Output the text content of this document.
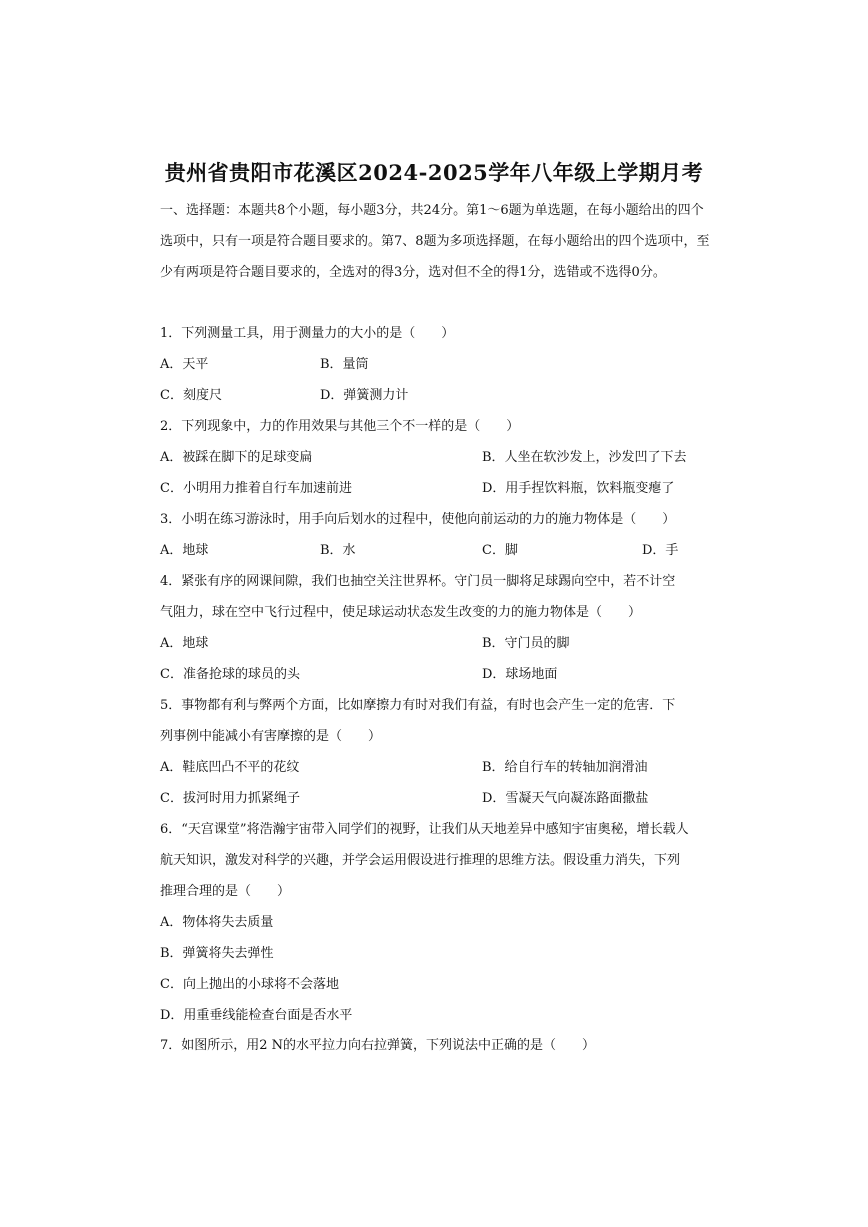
贵州省贵阳市花溪区2024-2025学年八年级上学期月考

一、选择题：本题共8个小题，每小题3分，共24分。第1～6题为单选题，在每小题给出的四个选项中，只有一项是符合题目要求的。第7、8题为多项选择题，在每小题给出的四个选项中，至少有两项是符合题目要求的，全选对的得3分，选对但不全的得1分，选错或不选得0分。

1．下列测量工具，用于测量力的大小的是（　　）
A．天平	B．量筒
C．刻度尺	D．弹簧测力计
2．下列现象中，力的作用效果与其他三个不一样的是（　　）
A．被踩在脚下的足球变扁	B．人坐在软沙发上，沙发凹了下去
C．小明用力推着自行车加速前进	D．用手捏饮料瓶，饮料瓶变瘪了
3．小明在练习游泳时，用手向后划水的过程中，使他向前运动的力的施力物体是（　　）
A．地球	B．水	C．脚	D．手
4．紧张有序的网课间隙，我们也抽空关注世界杯。守门员一脚将足球踢向空中，若不计空
气阻力，球在空中飞行过程中，使足球运动状态发生改变的力的施力物体是（　　）
A．地球	B．守门员的脚
C．准备抢球的球员的头	D．球场地面
5．事物都有利与弊两个方面，比如摩擦力有时对我们有益，有时也会产生一定的危害．下
列事例中能减小有害摩擦的是（　　）
A．鞋底凹凸不平的花纹	B．给自行车的转轴加润滑油
C．拔河时用力抓紧绳子	D．雪凝天气向凝冻路面撒盐
6．“天宫课堂”将浩瀚宇宙带入同学们的视野，让我们从天地差异中感知宇宙奥秘，增长载人
航天知识，激发对科学的兴趣，并学会运用假设进行推理的思维方法。假设重力消失，下列
推理合理的是（　　）
A．物体将失去质量
B．弹簧将失去弹性
C．向上抛出的小球将不会落地
D．用重垂线能检查台面是否水平
7．如图所示，用2 N的水平拉力向右拉弹簧，下列说法中正确的是（　　）
